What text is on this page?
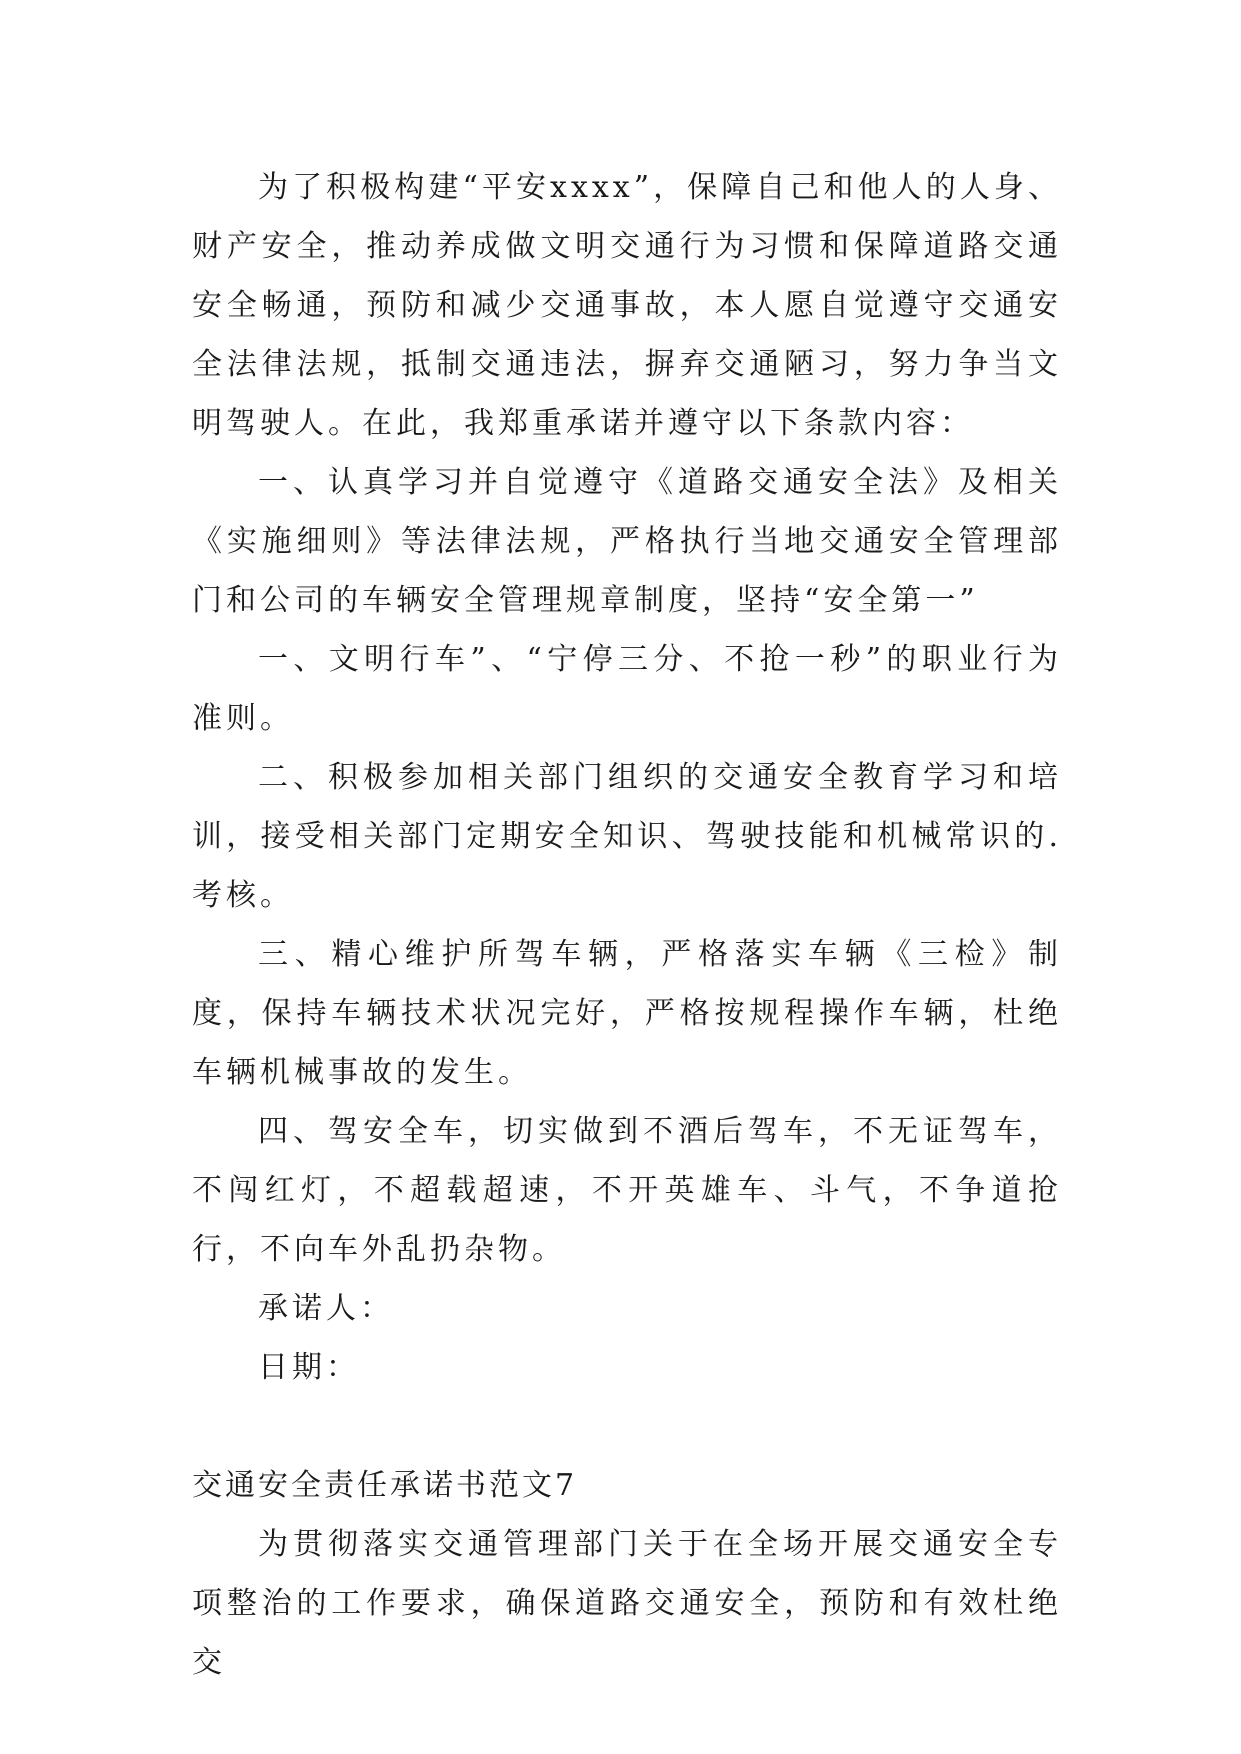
为了积极构建“平安xxxx”，保障自己和他人的人身、财产安全，推动养成做文明交通行为习惯和保障道路交通安全畅通，预防和减少交通事故，本人愿自觉遵守交通安全法律法规，抵制交通违法，摒弃交通陋习，努力争当文明驾驶人。在此，我郑重承诺并遵守以下条款内容：

一、认真学习并自觉遵守《道路交通安全法》及相关《实施细则》等法律法规，严格执行当地交通安全管理部门和公司的车辆安全管理规章制度，坚持“安全第一”

一、文明行车”、“宁停三分、不抢一秒”的职业行为准则。

二、积极参加相关部门组织的交通安全教育学习和培训，接受相关部门定期安全知识、驾驶技能和机械常识的.考核。

三、精心维护所驾车辆，严格落实车辆《三检》制度，保持车辆技术状况完好，严格按规程操作车辆，杜绝车辆机械事故的发生。

四、驾安全车，切实做到不酒后驾车，不无证驾车，不闯红灯，不超载超速，不开英雄车、斗气，不争道抢行，不向车外乱扔杂物。

承诺人：

日期：

交通安全责任承诺书范文7

为贯彻落实交通管理部门关于在全场开展交通安全专项整治的工作要求，确保道路交通安全，预防和有效杜绝交
